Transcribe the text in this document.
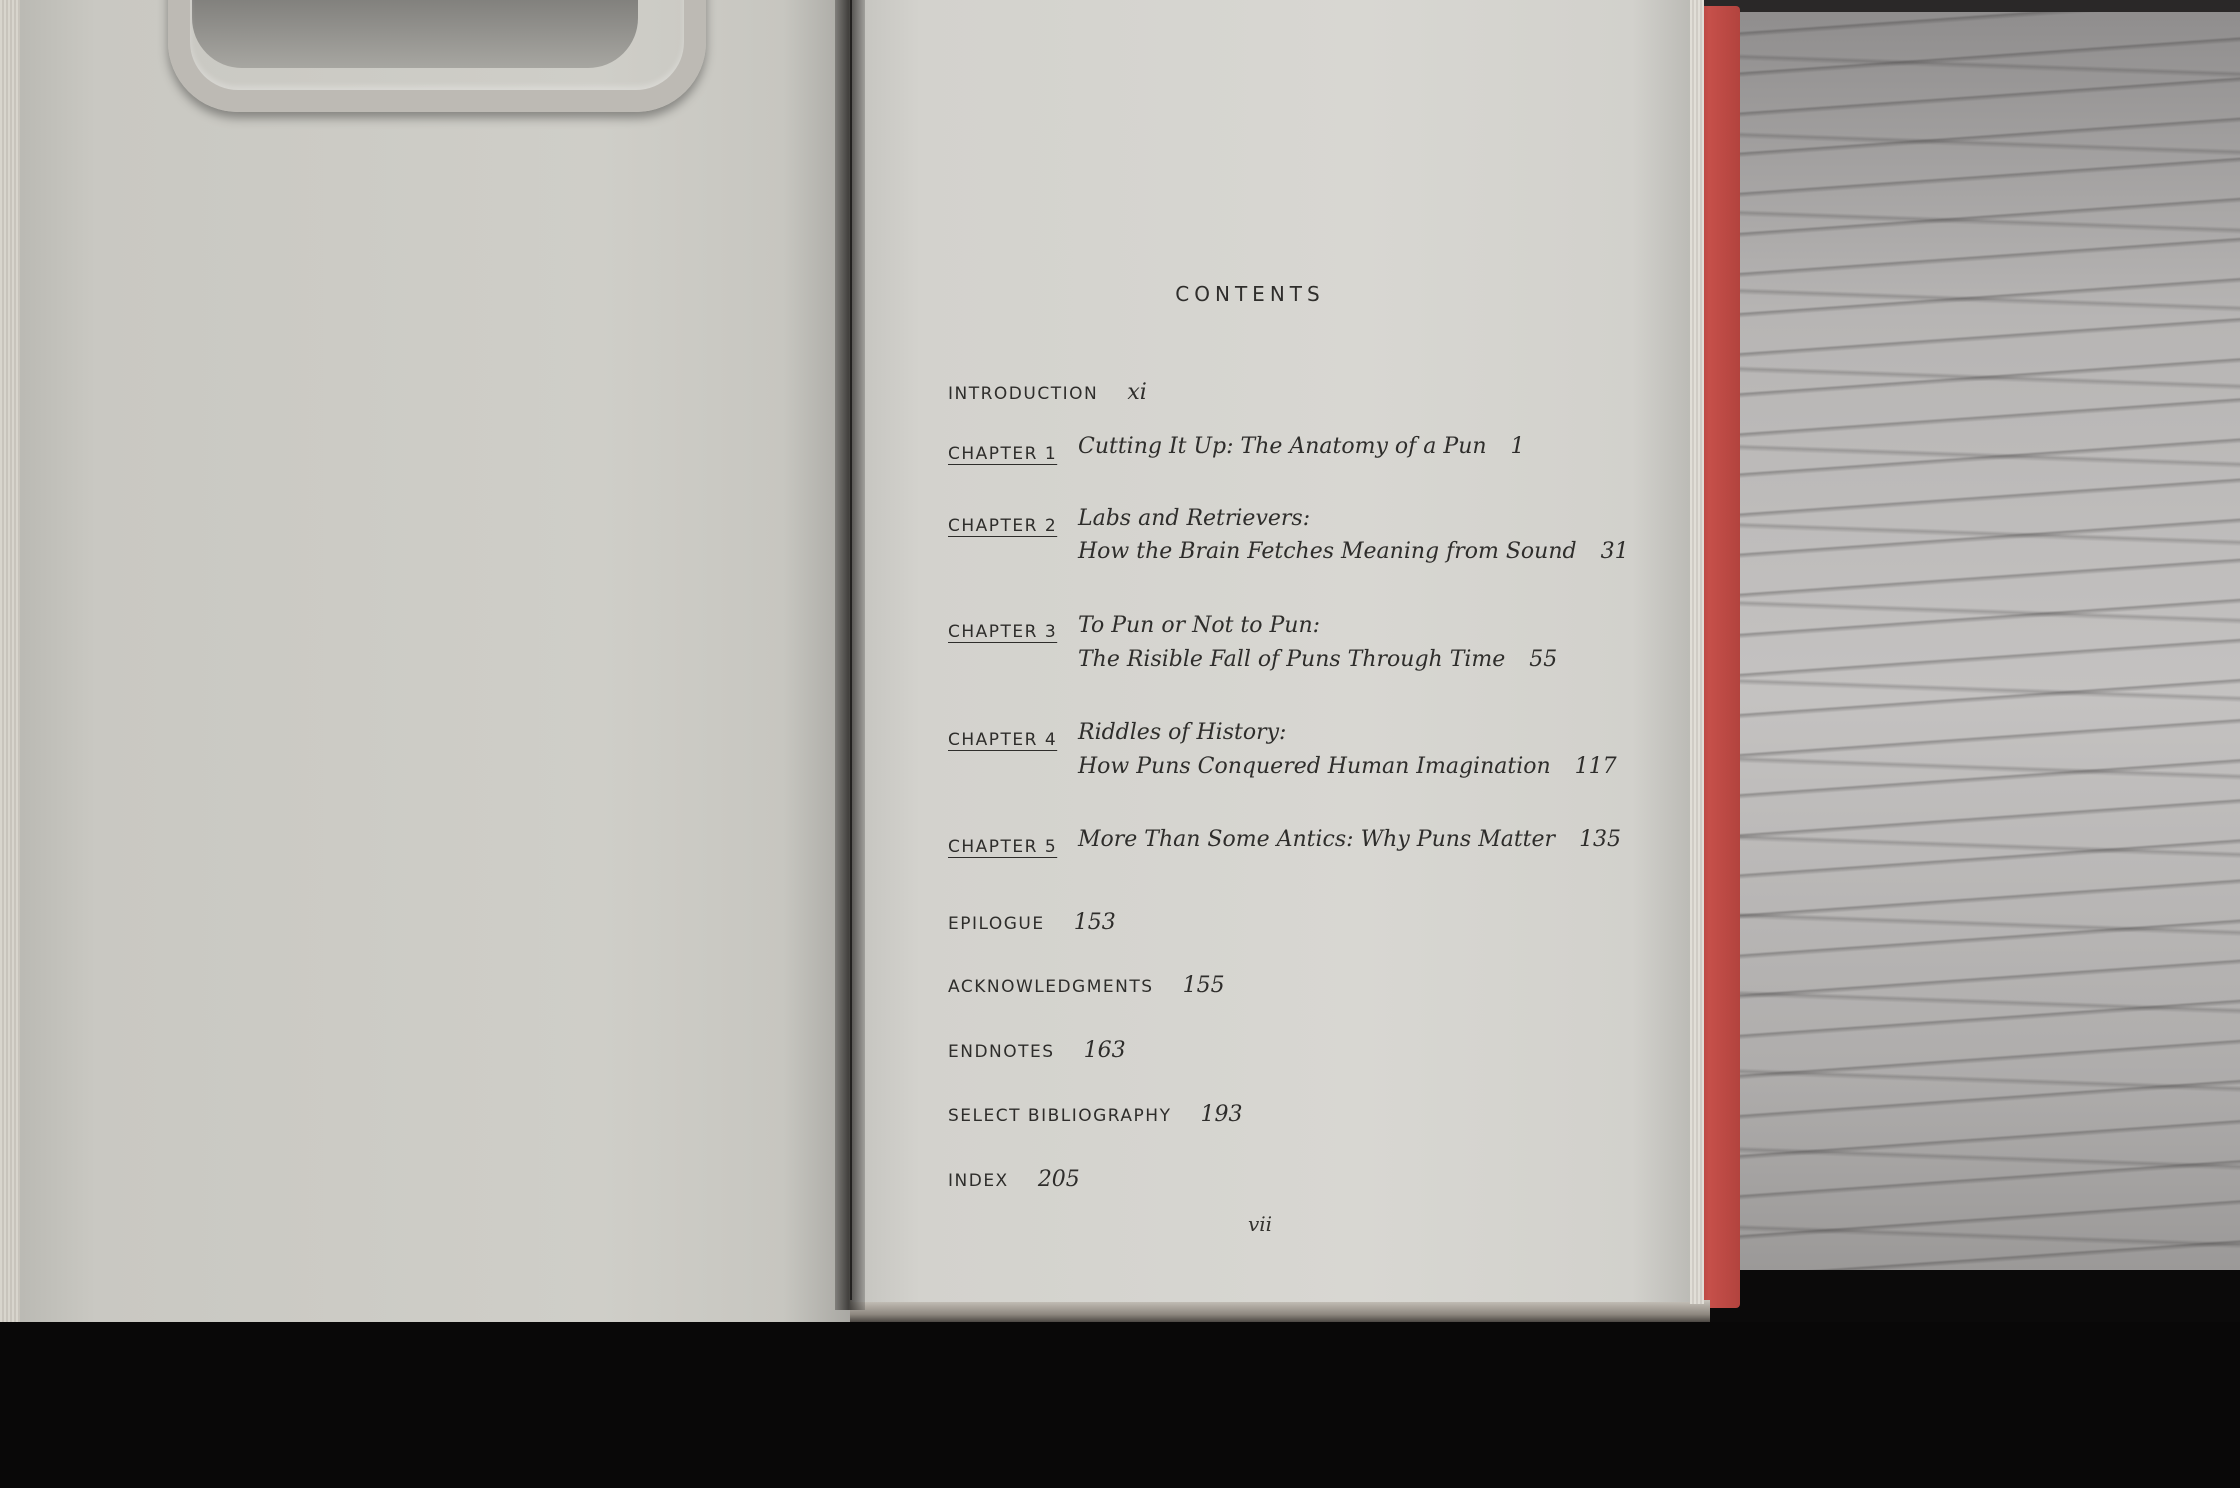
CONTENTS
INTRODUCTION xi
CHAPTER 1 Cutting It Up: The Anatomy of a Pun 1
CHAPTER 2 Labs and Retrievers:
How the Brain Fetches Meaning from Sound 31
CHAPTER 3 To Pun or Not to Pun:
The Risible Fall of Puns Through Time 55
CHAPTER 4 Riddles of History:
How Puns Conquered Human Imagination 117
CHAPTER 5 More Than Some Antics: Why Puns Matter 135
EPILOGUE 153
ACKNOWLEDGMENTS 155
ENDNOTES 163
SELECT BIBLIOGRAPHY 193
INDEX 205
vii
